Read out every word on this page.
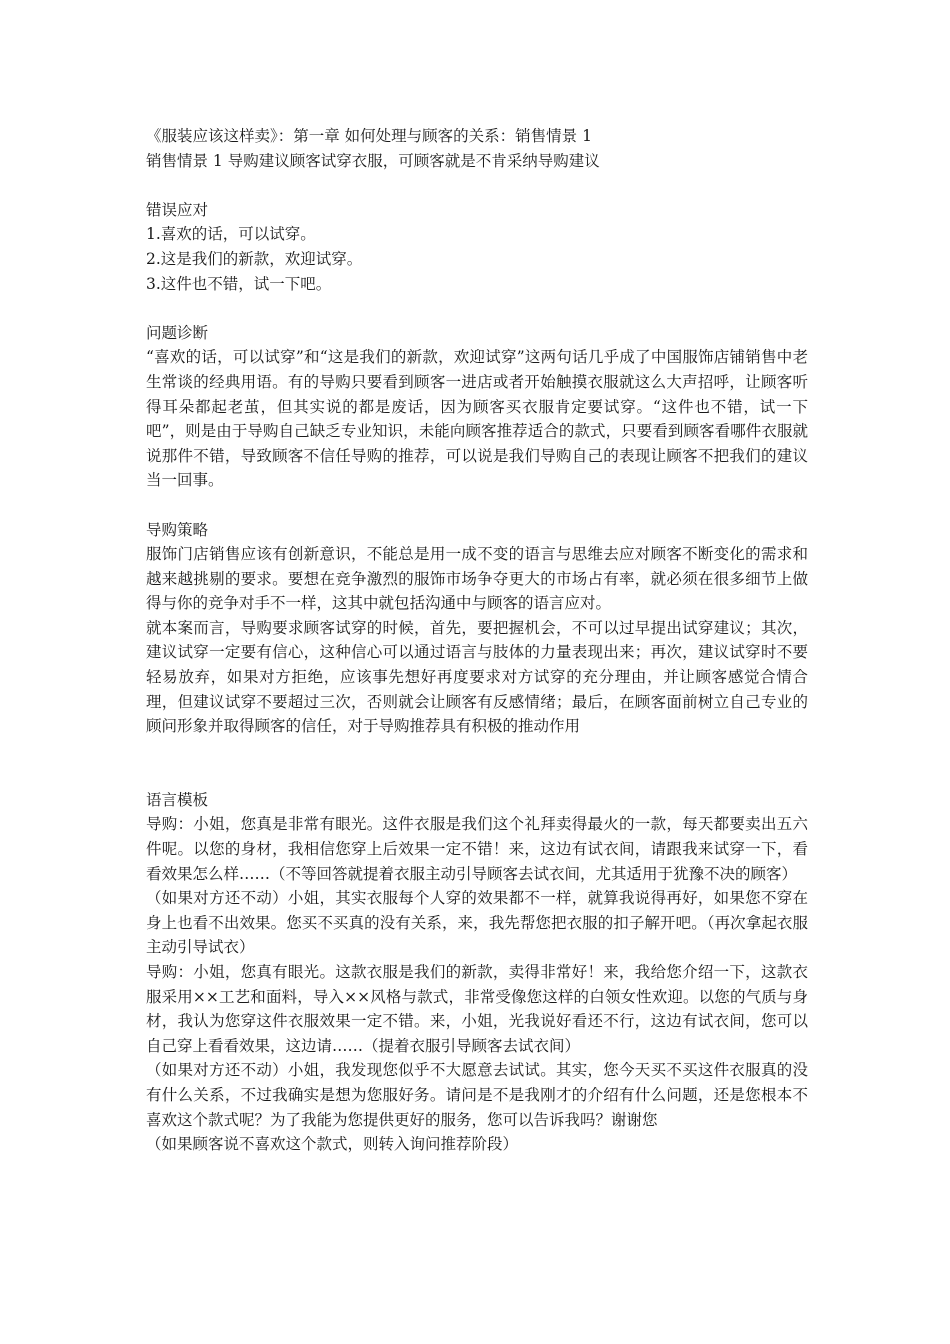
《服装应该这样卖》：第一章 如何处理与顾客的关系：销售情景 1
销售情景 1 导购建议顾客试穿衣服，可顾客就是不肯采纳导购建议
错误应对
1.喜欢的话，可以试穿。
2.这是我们的新款，欢迎试穿。
3.这件也不错，试一下吧。
问题诊断

“喜欢的话，可以试穿”和“这是我们的新款，欢迎试穿”这两句话几乎成了中国服饰店铺销售中老生常谈的经典用语。有的导购只要看到顾客一进店或者开始触摸衣服就这么大声招呼，让顾客听得耳朵都起老茧，但其实说的都是废话，因为顾客买衣服肯定要试穿。“这件也不错，试一下吧”，则是由于导购自己缺乏专业知识，未能向顾客推荐适合的款式，只要看到顾客看哪件衣服就说那件不错，导致顾客不信任导购的推荐，可以说是我们导购自己的表现让顾客不把我们的建议当一回事。

导购策略

服饰门店销售应该有创新意识，不能总是用一成不变的语言与思维去应对顾客不断变化的需求和越来越挑剔的要求。要想在竞争激烈的服饰市场争夺更大的市场占有率，就必须在很多细节上做得与你的竞争对手不一样，这其中就包括沟通中与顾客的语言应对。

就本案而言，导购要求顾客试穿的时候，首先，要把握机会，不可以过早提出试穿建议；其次，建议试穿一定要有信心，这种信心可以通过语言与肢体的力量表现出来；再次，建议试穿时不要轻易放弃，如果对方拒绝，应该事先想好再度要求对方试穿的充分理由，并让顾客感觉合情合理，但建议试穿不要超过三次，否则就会让顾客有反感情绪；最后，在顾客面前树立自己专业的顾问形象并取得顾客的信任，对于导购推荐具有积极的推动作用

语言模板

导购：小姐，您真是非常有眼光。这件衣服是我们这个礼拜卖得最火的一款，每天都要卖出五六件呢。以您的身材，我相信您穿上后效果一定不错！来，这边有试衣间，请跟我来试穿一下，看看效果怎么样……（不等回答就提着衣服主动引导顾客去试衣间，尤其适用于犹豫不决的顾客）

（如果对方还不动）小姐，其实衣服每个人穿的效果都不一样，就算我说得再好，如果您不穿在身上也看不出效果。您买不买真的没有关系，来，我先帮您把衣服的扣子解开吧。（再次拿起衣服主动引导试衣）

导购：小姐，您真有眼光。这款衣服是我们的新款，卖得非常好！来，我给您介绍一下，这款衣服采用××工艺和面料，导入××风格与款式，非常受像您这样的白领女性欢迎。以您的气质与身材，我认为您穿这件衣服效果一定不错。来，小姐，光我说好看还不行，这边有试衣间，您可以自己穿上看看效果，这边请……（提着衣服引导顾客去试衣间）

（如果对方还不动）小姐，我发现您似乎不大愿意去试试。其实，您今天买不买这件衣服真的没有什么关系，不过我确实是想为您服好务。请问是不是我刚才的介绍有什么问题，还是您根本不喜欢这个款式呢？为了我能为您提供更好的服务，您可以告诉我吗？谢谢您

（如果顾客说不喜欢这个款式，则转入询问推荐阶段）
